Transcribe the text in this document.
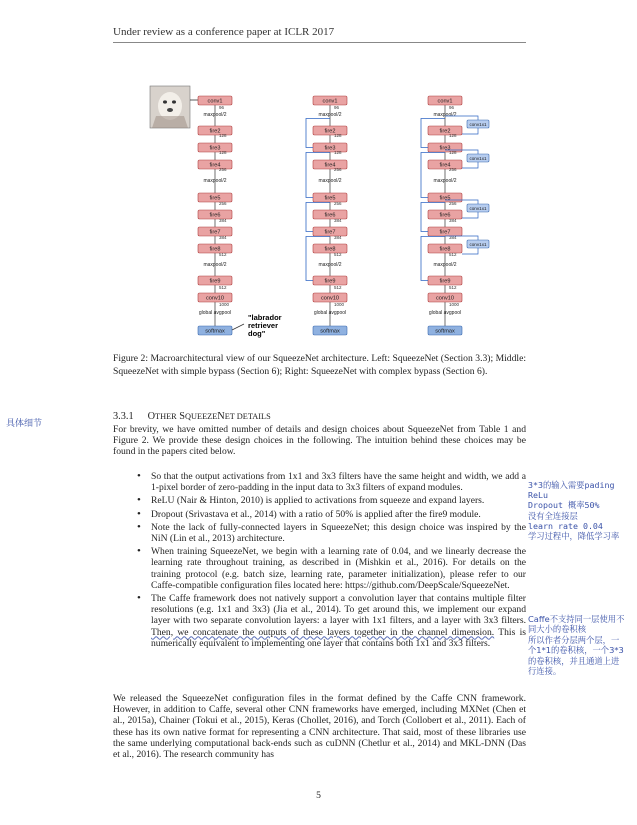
Under review as a conference paper at ICLR 2017
conv1
fire2
fire3
fire4
fire5
fire6
fire7
fire8
fire9
conv10
softmax
maxpool/2
maxpool/2
maxpool/2
global avgpool
96
128
128
256
256
384
384
512
512
1000
conv1
fire2
fire3
fire4
fire5
fire6
fire7
fire8
fire9
conv10
softmax
maxpool/2
maxpool/2
maxpool/2
global avgpool
96
128
128
256
256
384
384
512
512
1000
conv1
fire2
fire3
fire4
fire5
fire6
fire7
fire8
fire9
conv10
softmax
maxpool/2
maxpool/2
maxpool/2
global avgpool
96
128
128
256
256
384
384
512
512
1000
conv1x1
conv1x1
conv1x1
conv1x1
"labrador retriever dog"
Figure 2: Macroarchitectural view of our SqueezeNet architecture. Left: SqueezeNet (Section 3.3); Middle: SqueezeNet with simple bypass (Section 6); Right: SqueezeNet with complex bypass (Section 6).
3.3.1 OTHER SQUEEZENET DETAILS
For brevity, we have omitted number of details and design choices about SqueezeNet from Table 1 and Figure 2. We provide these design choices in the following. The intuition behind these choices may be found in the papers cited below.
• So that the output activations from 1x1 and 3x3 filters have the same height and width, we add a 1-pixel border of zero-padding in the input data to 3x3 filters of expand modules.
• ReLU (Nair & Hinton, 2010) is applied to activations from squeeze and expand layers.
• Dropout (Srivastava et al., 2014) with a ratio of 50% is applied after the fire9 module.
• Note the lack of fully-connected layers in SqueezeNet; this design choice was inspired by the NiN (Lin et al., 2013) architecture.
• When training SqueezeNet, we begin with a learning rate of 0.04, and we linearly decrease the learning rate throughout training, as described in (Mishkin et al., 2016). For details on the training protocol (e.g. batch size, learning rate, parameter initialization), please refer to our Caffe-compatible configuration files located here: https://github.com/DeepScale/SqueezeNet.
• The Caffe framework does not natively support a convolution layer that contains multiple filter resolutions (e.g. 1x1 and 3x3) (Jia et al., 2014). To get around this, we implement our expand layer with two separate convolution layers: a layer with 1x1 filters, and a layer with 3x3 filters. Then, we concatenate the outputs of these layers together in the channel dimension. This is numerically equivalent to implementing one layer that contains both 1x1 and 3x3 filters.
We released the SqueezeNet configuration files in the format defined by the Caffe CNN framework. However, in addition to Caffe, several other CNN frameworks have emerged, including MXNet (Chen et al., 2015a), Chainer (Tokui et al., 2015), Keras (Chollet, 2016), and Torch (Collobert et al., 2011). Each of these has its own native format for representing a CNN architecture. That said, most of these libraries use the same underlying computational back-ends such as cuDNN (Chetlur et al., 2014) and MKL-DNN (Das et al., 2016). The research community has
5
具体细节
3*3的输入需要pading
ReLu
Dropout 概率50%
没有全连接层
learn rate 0.04
学习过程中，降低学习率
Caffe不支持同一层使用不
同大小的卷积核
所以作者分层两个层，一
个1*1的卷积核，一个3*3
的卷积核，并且通道上进
行连接。
